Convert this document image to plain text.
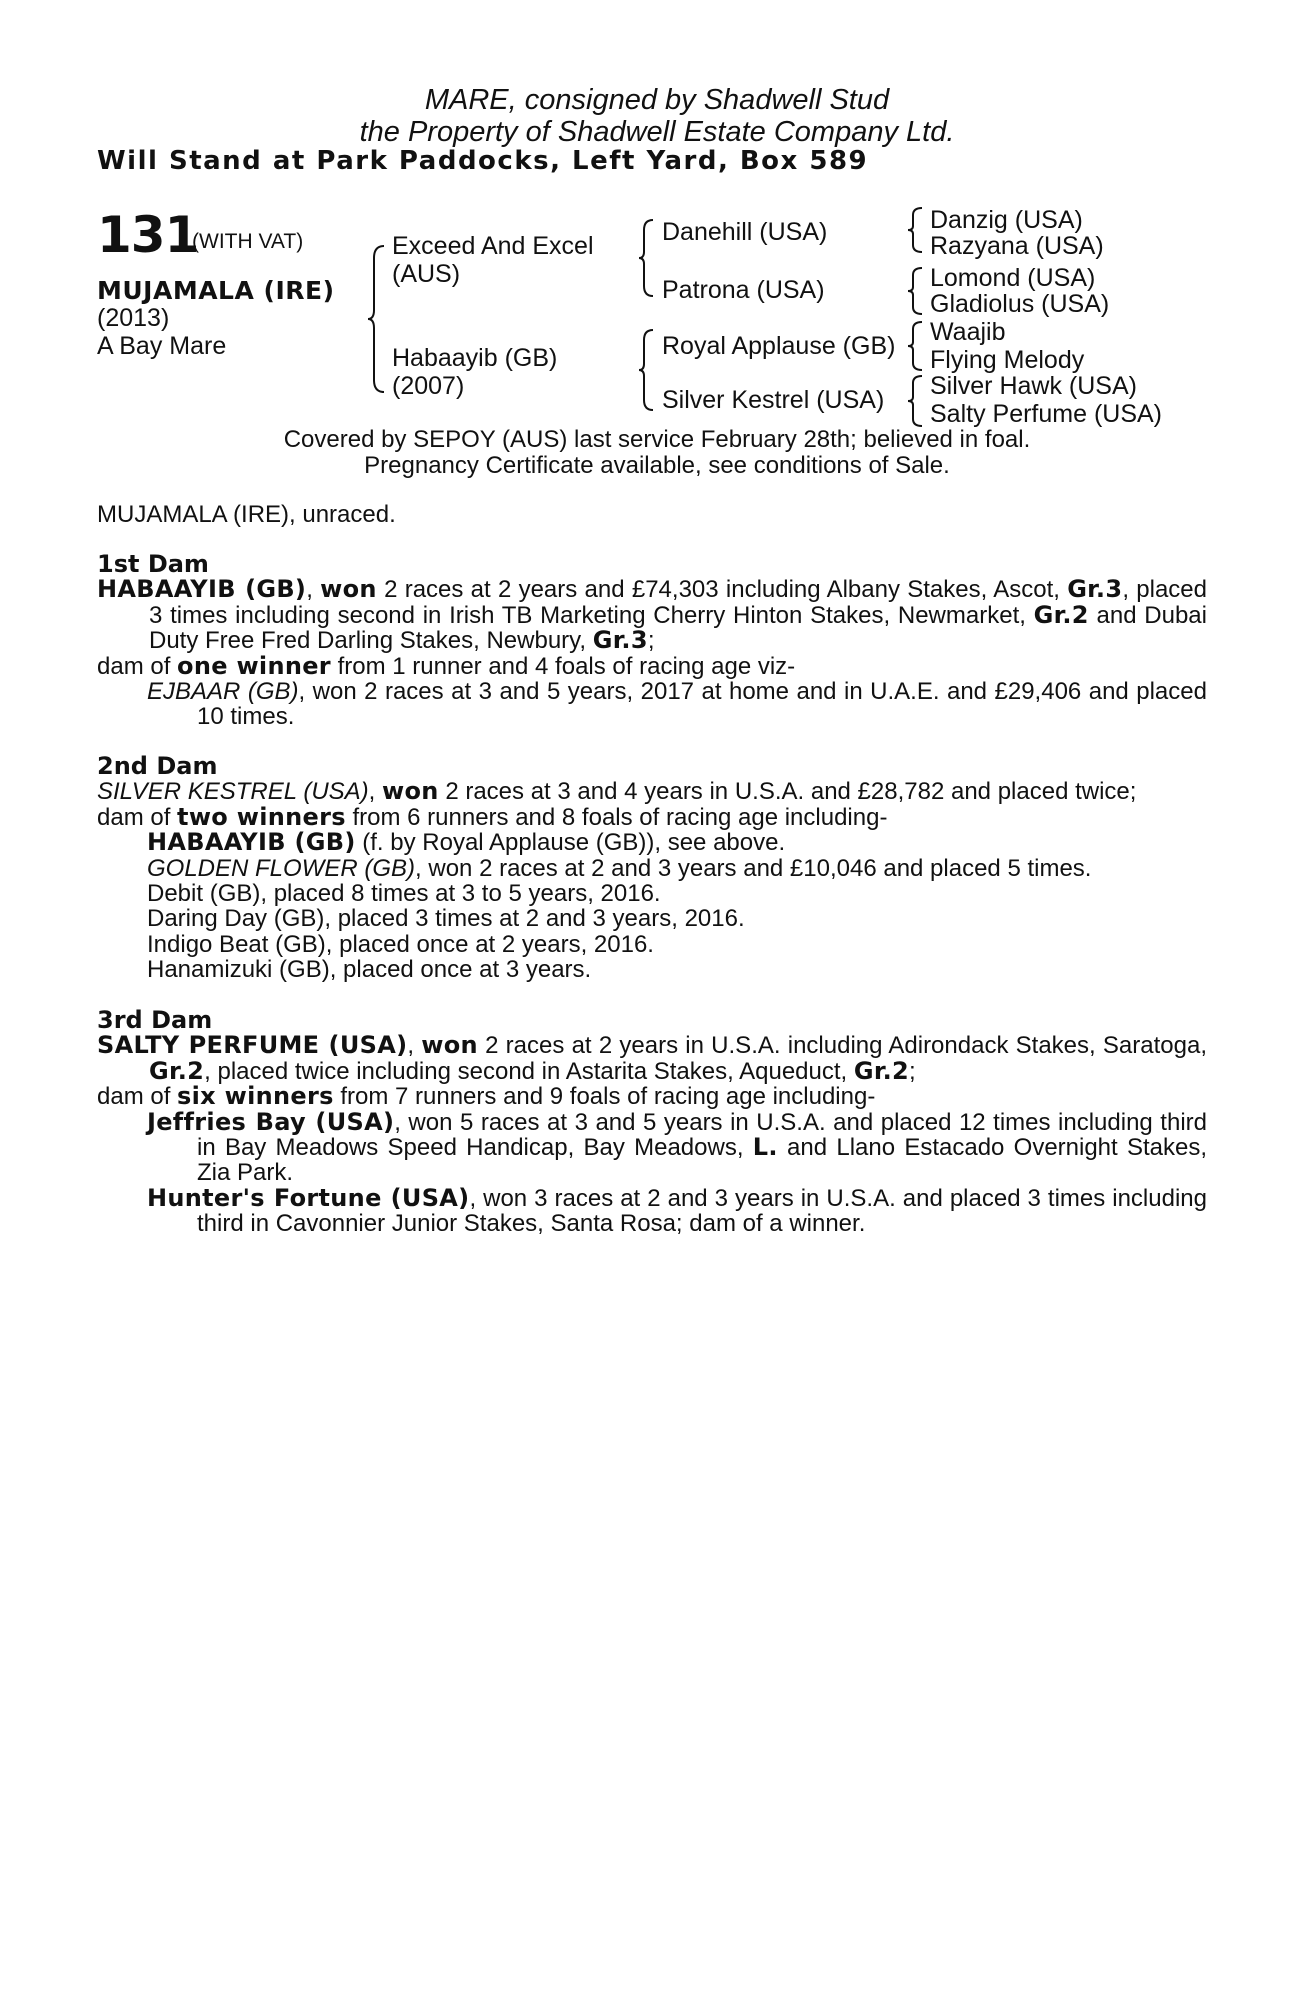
MARE, consigned by Shadwell Stud
the Property of Shadwell Estate Company Ltd.
Will Stand at Park Paddocks, Left Yard, Box 589
131
(WITH VAT)
MUJAMALA (IRE)
(2013)
A Bay Mare
Exceed And Excel
(AUS)
Habaayib (GB)
(2007)
Danehill (USA)
Patrona (USA)
Royal Applause (GB)
Silver Kestrel (USA)
Danzig (USA)
Razyana (USA)
Lomond (USA)
Gladiolus (USA)
Waajib
Flying Melody
Silver Hawk (USA)
Salty Perfume (USA)
Covered by SEPOY (AUS) last service February 28th; believed in foal.
Pregnancy Certificate available, see conditions of Sale.
MUJAMALA (IRE), unraced.
1st Dam
HABAAYIB (GB), won 2 races at 2 years and £74,303 including Albany Stakes, Ascot, Gr.3, placed 3 times including second in Irish TB Marketing Cherry Hinton Stakes, Newmarket, Gr.2 and Dubai Duty Free Fred Darling Stakes, Newbury, Gr.3;
dam of one winner from 1 runner and 4 foals of racing age viz-
EJBAAR (GB), won 2 races at 3 and 5 years, 2017 at home and in U.A.E. and £29,406 and placed 10 times.
2nd Dam
SILVER KESTREL (USA), won 2 races at 3 and 4 years in U.S.A. and £28,782 and placed twice;
dam of two winners from 6 runners and 8 foals of racing age including-
HABAAYIB (GB) (f. by Royal Applause (GB)), see above.
GOLDEN FLOWER (GB), won 2 races at 2 and 3 years and £10,046 and placed 5 times.
Debit (GB), placed 8 times at 3 to 5 years, 2016.
Daring Day (GB), placed 3 times at 2 and 3 years, 2016.
Indigo Beat (GB), placed once at 2 years, 2016.
Hanamizuki (GB), placed once at 3 years.
3rd Dam
SALTY PERFUME (USA), won 2 races at 2 years in U.S.A. including Adirondack Stakes, Saratoga, Gr.2, placed twice including second in Astarita Stakes, Aqueduct, Gr.2;
dam of six winners from 7 runners and 9 foals of racing age including-
Jeffries Bay (USA), won 5 races at 3 and 5 years in U.S.A. and placed 12 times including third in Bay Meadows Speed Handicap, Bay Meadows, L. and Llano Estacado Overnight Stakes, Zia Park.
Hunter's Fortune (USA), won 3 races at 2 and 3 years in U.S.A. and placed 3 times including third in Cavonnier Junior Stakes, Santa Rosa; dam of a winner.
